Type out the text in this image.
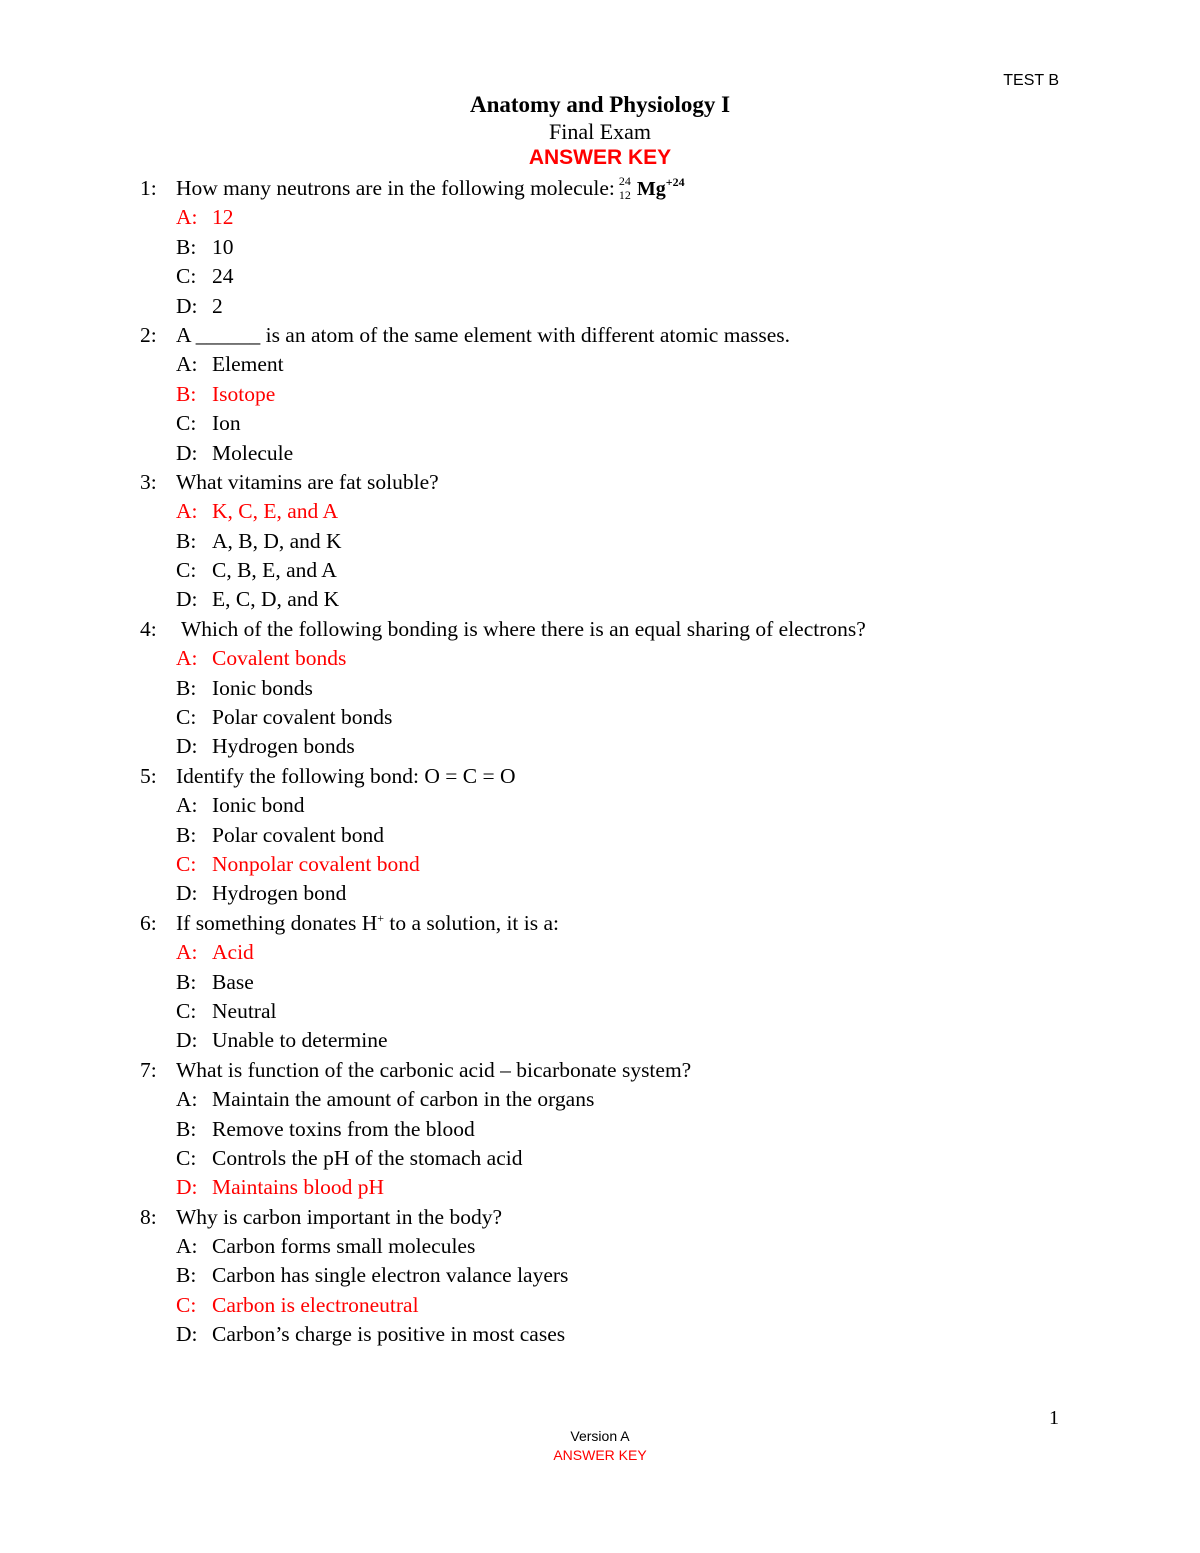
TEST B
Anatomy and Physiology I
Final Exam
ANSWER KEY
1: How many neutrons are in the following molecule: 24
12 $Mg^{+24}$
A: 12
B: 10
C: 24
D: 2
2: A ______ is an atom of the same element with different atomic masses.
A: Element
B: Isotope
C: Ion
D: Molecule
3: What vitamins are fat soluble?
A: K, C, E, and A
B: A, B, D, and K
C: C, B, E, and A
D: E, C, D, and K
4: Which of the following bonding is where there is an equal sharing of electrons?
A: Covalent bonds
B: Ionic bonds
C: Polar covalent bonds
D: Hydrogen bonds
5: Identify the following bond: O = C = O
A: Ionic bond
B: Polar covalent bond
C: Nonpolar covalent bond
D: Hydrogen bond
6: If something donates H+ to a solution, it is a:
A: Acid
B: Base
C: Neutral
D: Unable to determine
7: What is function of the carbonic acid – bicarbonate system?
A: Maintain the amount of carbon in the organs
B: Remove toxins from the blood
C: Controls the pH of the stomach acid
D: Maintains blood pH
8: Why is carbon important in the body?
A: Carbon forms small molecules
B: Carbon has single electron valance layers
C: Carbon is electroneutral
D: Carbon’s charge is positive in most cases
1
Version A
ANSWER KEY
